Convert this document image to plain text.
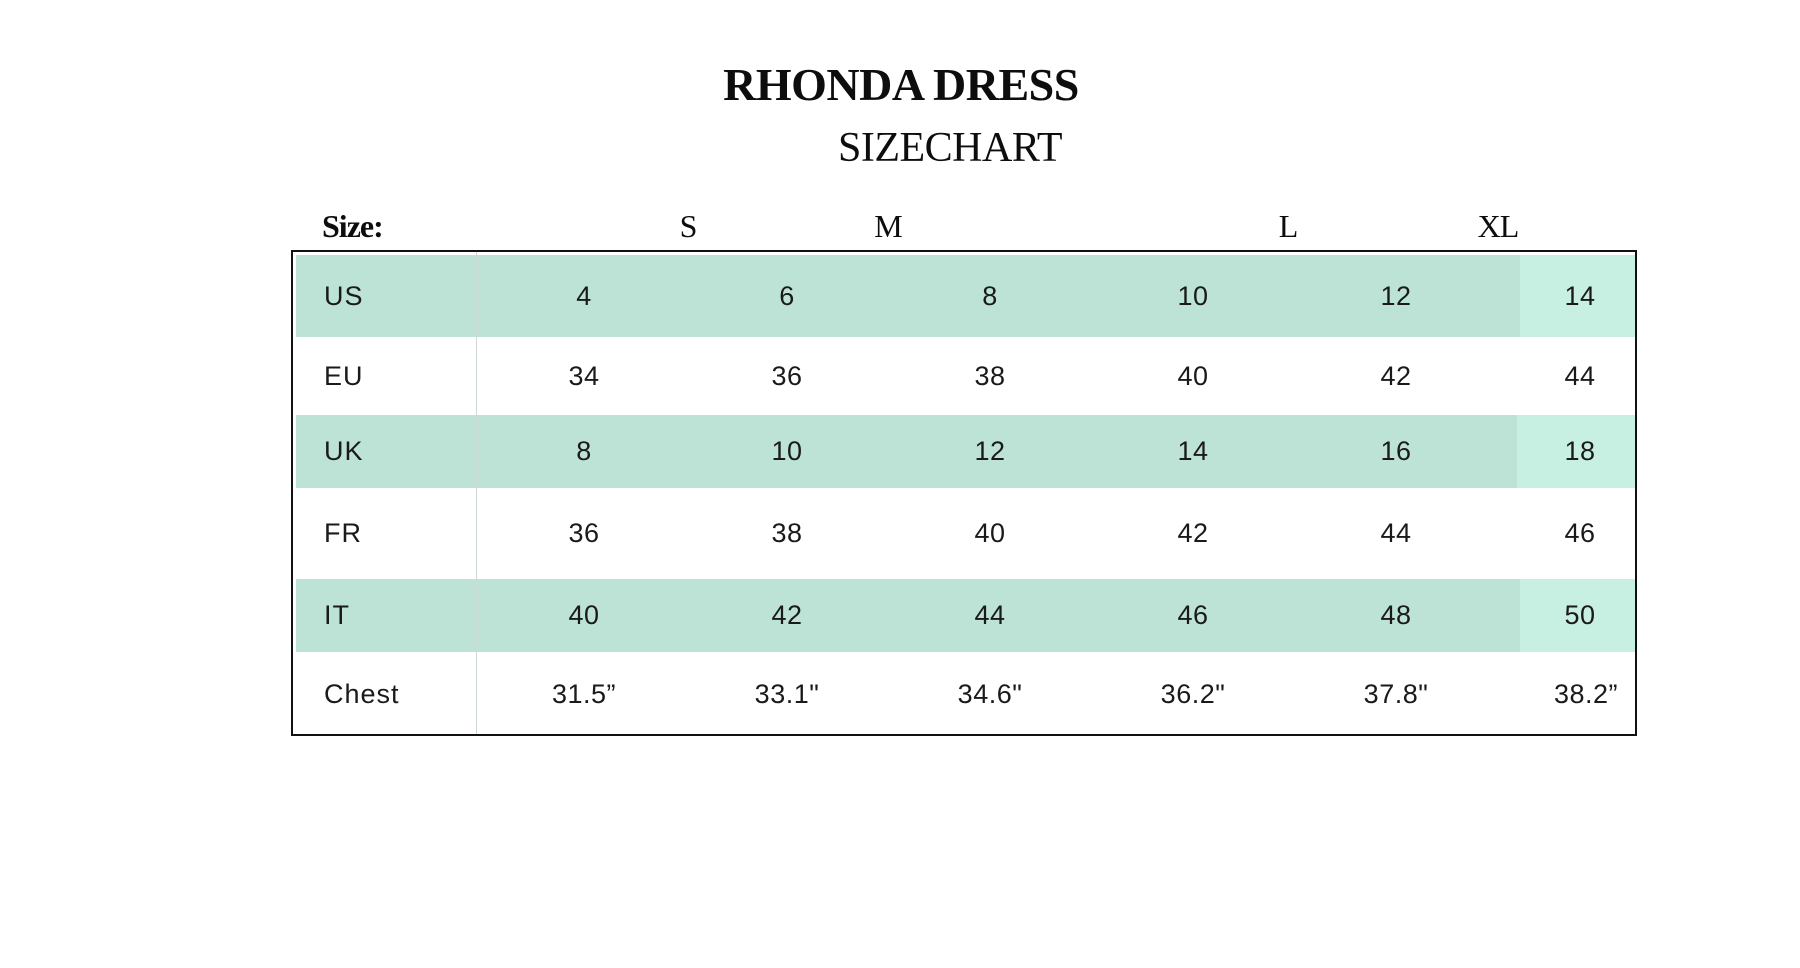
RHONDA DRESS
SIZECHART
Size:	S	M	L	XL
US	4	6	8	10	12	14
EU	34	36	38	40	42	44
UK	8	10	12	14	16	18
FR	36	38	40	42	44	46
IT	40	42	44	46	48	50
Chest	31.5”	33.1"	34.6"	36.2"	37.8"	38.2”
